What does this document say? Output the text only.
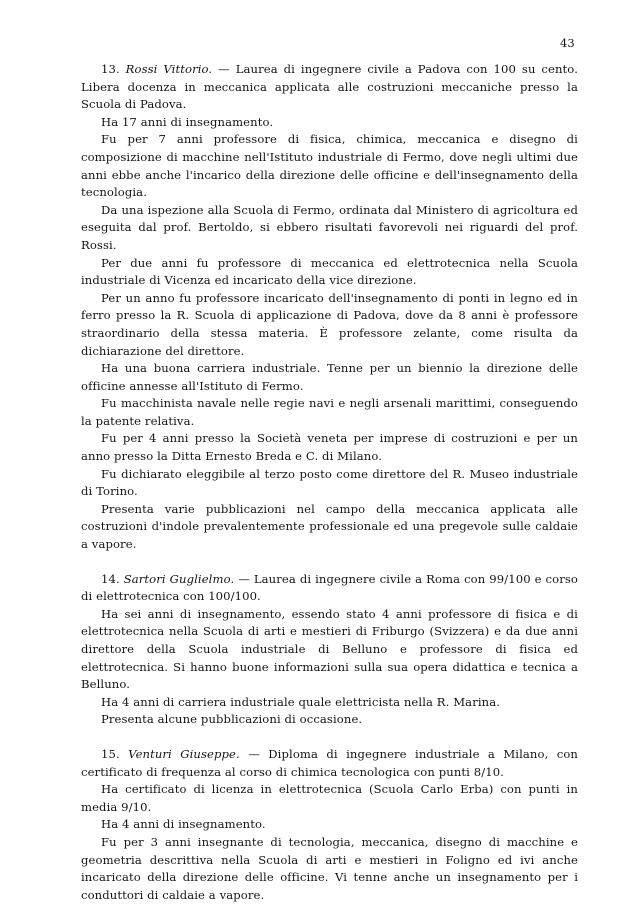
43

13. Rossi Vittorio. — Laurea di ingegnere civile a Padova con 100 su cento. Libera docenza in meccanica applicata alle costruzioni meccaniche presso la Scuola di Padova.

Ha 17 anni di insegnamento.

Fu per 7 anni professore di fisica, chimica, meccanica e disegno di composizione di macchine nell'Istituto industriale di Fermo, dove negli ultimi due anni ebbe anche l'incarico della direzione delle officine e dell'insegnamento della tecnologia.

Da una ispezione alla Scuola di Fermo, ordinata dal Ministero di agricoltura ed eseguita dal prof. Bertoldo, si ebbero risultati favorevoli nei riguardi del prof. Rossi.

Per due anni fu professore di meccanica ed elettrotecnica nella Scuola industriale di Vicenza ed incaricato della vice direzione.

Per un anno fu professore incaricato dell'insegnamento di ponti in legno ed in ferro presso la R. Scuola di applicazione di Padova, dove da 8 anni è professore straordinario della stessa materia. È professore zelante, come risulta da dichiarazione del direttore.

Ha una buona carriera industriale. Tenne per un biennio la direzione delle officine annesse all'Istituto di Fermo.

Fu macchinista navale nelle regie navi e negli arsenali marittimi, conseguendo la patente relativa.

Fu per 4 anni presso la Società veneta per imprese di costruzioni e per un anno presso la Ditta Ernesto Breda e C. di Milano.

Fu dichiarato eleggibile al terzo posto come direttore del R. Museo industriale di Torino.

Presenta varie pubblicazioni nel campo della meccanica applicata alle costruzioni d'indole prevalentemente professionale ed una pregevole sulle caldaie a vapore.

14. Sartori Guglielmo. — Laurea di ingegnere civile a Roma con 99/100 e corso di elettrotecnica con 100/100.

Ha sei anni di insegnamento, essendo stato 4 anni professore di fisica e di elettrotecnica nella Scuola di arti e mestieri di Friburgo (Svizzera) e da due anni direttore della Scuola industriale di Belluno e professore di fisica ed elettrotecnica. Si hanno buone informazioni sulla sua opera didattica e tecnica a Belluno.

Ha 4 anni di carriera industriale quale elettricista nella R. Marina.

Presenta alcune pubblicazioni di occasione.

15. Venturi Giuseppe. — Diploma di ingegnere industriale a Milano, con certificato di frequenza al corso di chimica tecnologica con punti 8/10.

Ha certificato di licenza in elettrotecnica (Scuola Carlo Erba) con punti in media 9/10.

Ha 4 anni di insegnamento.

Fu per 3 anni insegnante di tecnologia, meccanica, disegno di macchine e geometria descrittiva nella Scuola di arti e mestieri in Foligno ed ivi anche incaricato della direzione delle officine. Vi tenne anche un insegnamento per i conduttori di caldaie a vapore.
